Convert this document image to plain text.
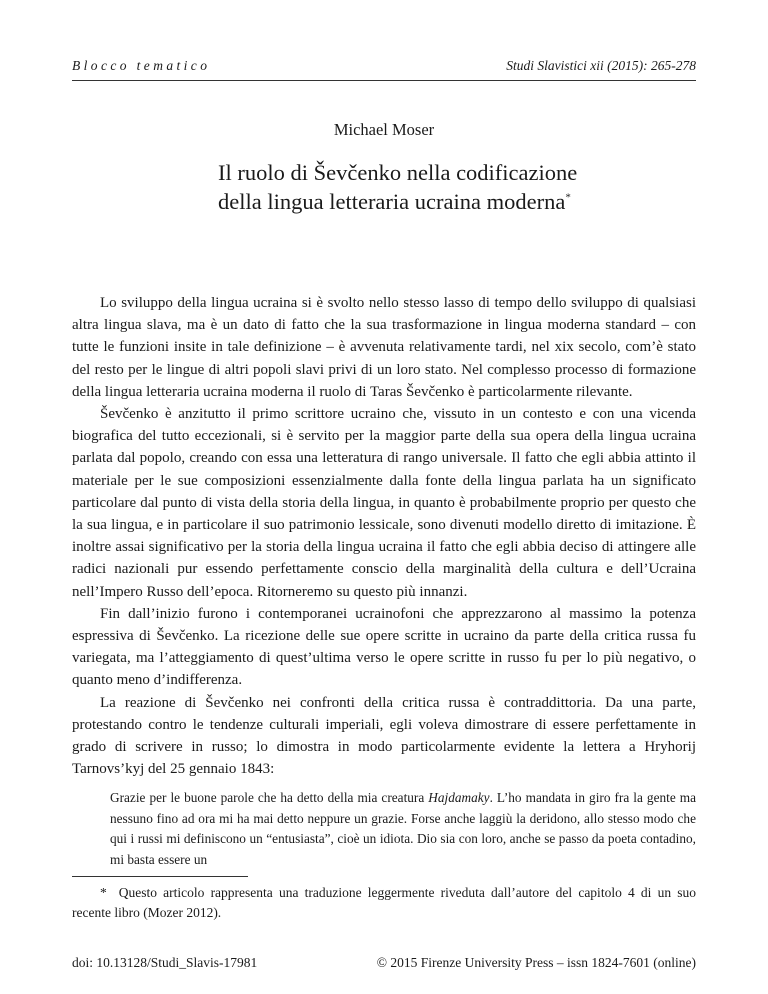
Blocco tematico	Studi Slavistici xii (2015): 265-278
Michael Moser
Il ruolo di Ševčenko nella codificazione
della lingua letteraria ucraina moderna*

Lo sviluppo della lingua ucraina si è svolto nello stesso lasso di tempo dello sviluppo di qualsiasi altra lingua slava, ma è un dato di fatto che la sua trasformazione in lingua moderna standard – con tutte le funzioni insite in tale definizione – è avvenuta relativamente tardi, nel xix secolo, com’è stato del resto per le lingue di altri popoli slavi privi di un loro stato. Nel complesso processo di formazione della lingua letteraria ucraina moderna il ruolo di Taras Ševčenko è particolarmente rilevante.

Ševčenko è anzitutto il primo scrittore ucraino che, vissuto in un contesto e con una vicenda biografica del tutto eccezionali, si è servito per la maggior parte della sua opera della lingua ucraina parlata dal popolo, creando con essa una letteratura di rango universale. Il fatto che egli abbia attinto il materiale per le sue composizioni essenzialmente dalla fonte della lingua parlata ha un significato particolare dal punto di vista della storia della lingua, in quanto è probabilmente proprio per questo che la sua lingua, e in particolare il suo patrimonio lessicale, sono divenuti modello diretto di imitazione. È inoltre assai significativo per la storia della lingua ucraina il fatto che egli abbia deciso di attingere alle radici nazionali pur essendo perfettamente conscio della marginalità della cultura e dell’Ucraina nell’Impero Russo dell’epoca. Ritorneremo su questo più innanzi.

Fin dall’inizio furono i contemporanei ucrainofoni che apprezzarono al massimo la potenza espressiva di Ševčenko. La ricezione delle sue opere scritte in ucraino da parte della critica russa fu variegata, ma l’atteggiamento di quest’ultima verso le opere scritte in russo fu per lo più negativo, o quanto meno d’indifferenza.

La reazione di Ševčenko nei confronti della critica russa è contraddittoria. Da una parte, protestando contro le tendenze culturali imperiali, egli voleva dimostrare di essere perfettamente in grado di scrivere in russo; lo dimostra in modo particolarmente evidente la lettera a Hryhorij Tarnovs’kyj del 25 gennaio 1843:

Grazie per le buone parole che ha detto della mia creatura Hajdamaky. L’ho mandata in giro fra la gente ma nessuno fino ad ora mi ha mai detto neppure un grazie. Forse anche laggiù la deridono, allo stesso modo che qui i russi mi definiscono un “entusiasta”, cioè un idiota. Dio sia con loro, anche se passo da poeta contadino, mi basta essere un

* Questo articolo rappresenta una traduzione leggermente riveduta dall’autore del capitolo 4 di un suo recente libro (Mozer 2012).

doi: 10.13128/Studi_Slavis-17981	© 2015 Firenze University Press – issn 1824-7601 (online)
